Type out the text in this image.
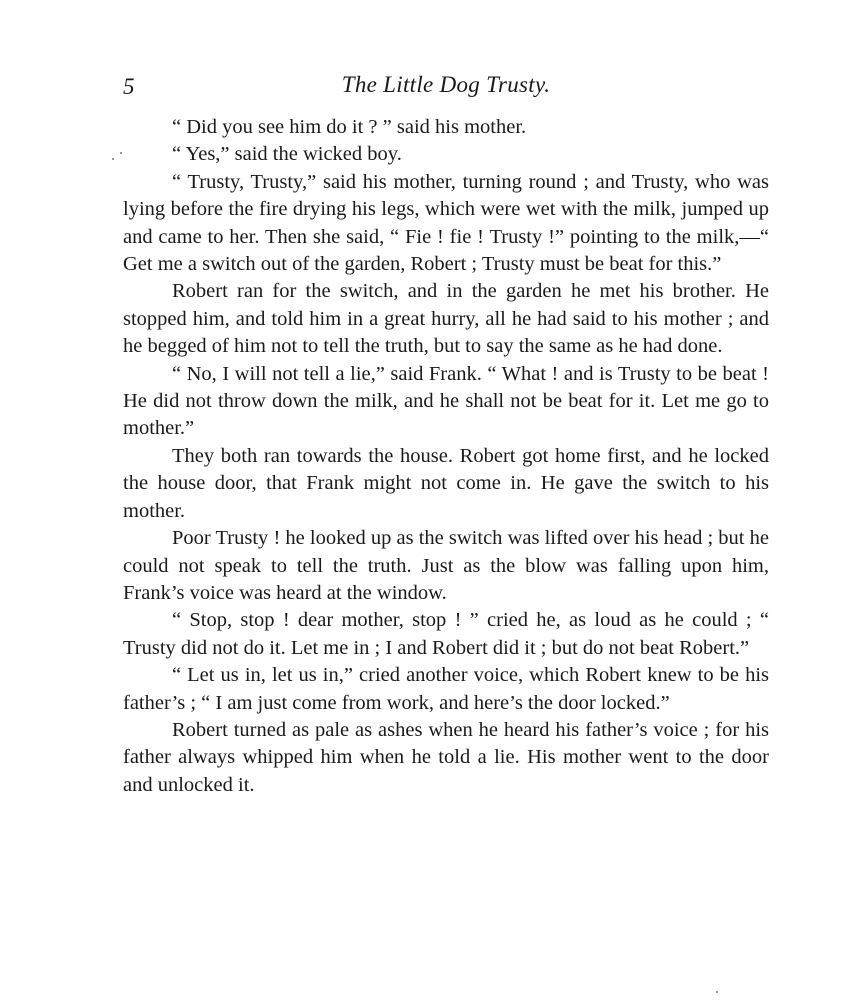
5	The Little Dog Trusty.

“ Did you see him do it ? ” said his mother.

“ Yes,” said the wicked boy.

“ Trusty, Trusty,” said his mother, turning round ; and Trusty, who was lying before the fire drying his legs, which were wet with the milk, jumped up and came to her. Then she said, “ Fie ! fie ! Trusty !” pointing to the milk,—“ Get me a switch out of the garden, Robert ; Trusty must be beat for this.”

Robert ran for the switch, and in the garden he met his brother. He stopped him, and told him in a great hurry, all he had said to his mother ; and he begged of him not to tell the truth, but to say the same as he had done.

“ No, I will not tell a lie,” said Frank. “ What ! and is Trusty to be beat ! He did not throw down the milk, and he shall not be beat for it. Let me go to mother.”

They both ran towards the house. Robert got home first, and he locked the house door, that Frank might not come in. He gave the switch to his mother.

Poor Trusty ! he looked up as the switch was lifted over his head ; but he could not speak to tell the truth. Just as the blow was falling upon him, Frank’s voice was heard at the window.

“ Stop, stop ! dear mother, stop ! ” cried he, as loud as he could ; “ Trusty did not do it. Let me in ; I and Robert did it ; but do not beat Robert.”

“ Let us in, let us in,” cried another voice, which Robert knew to be his father’s ; “ I am just come from work, and here’s the door locked.”

Robert turned as pale as ashes when he heard his father’s voice ; for his father always whipped him when he told a lie. His mother went to the door and unlocked it.
